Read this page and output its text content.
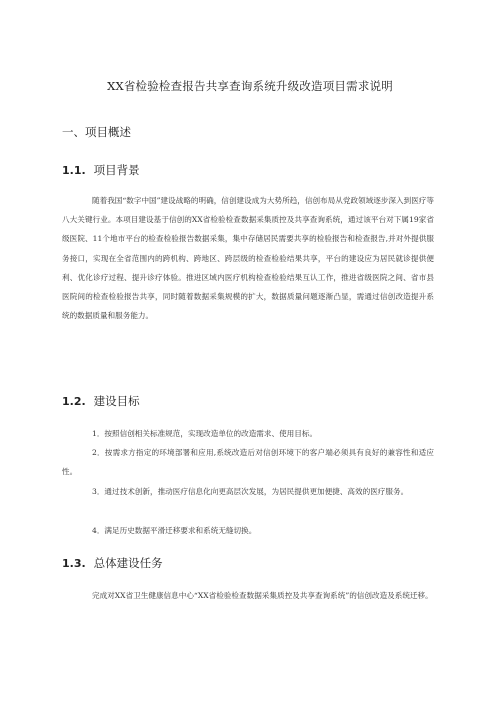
XX省检验检查报告共享查询系统升级改造项目需求说明
一、项目概述
1.1. 项目背景
随着我国“数字中国”建设战略的明确，信创建设成为大势所趋，信创布局从党政领域逐步深入到医疗等八大关键行业。本项目建设基于信创的XX省检验检查数据采集质控及共享查询系统，通过该平台对下属19家省级医院、11个地市平台的检查检验报告数据采集，集中存储居民需要共享的检验报告和检查报告,并对外提供服务接口，实现在全省范围内的跨机构、跨地区、跨层级的检查检验结果共享，平台的建设应为居民就诊提供便利、优化诊疗过程、提升诊疗体验。推进区域内医疗机构检查检验结果互认工作，推进省级医院之间、省市县医院间的检查检验报告共享，同时随着数据采集规模的扩大，数据质量问题逐渐凸显，需通过信创改造提升系统的数据质量和服务能力。
1.2. 建设目标
1．按照信创相关标准规范，实现改造单位的改造需求、使用目标。
2．按需求方指定的环境部署和应用,系统改造后对信创环境下的客户端必须具有良好的兼容性和适应性。
3．通过技术创新，推动医疗信息化向更高层次发展，为居民提供更加便捷、高效的医疗服务。
4．满足历史数据平滑迁移要求和系统无缝切换。
1.3. 总体建设任务
完成对XX省卫生健康信息中心“XX省检验检查数据采集质控及共享查询系统”的信创改造及系统迁移。
